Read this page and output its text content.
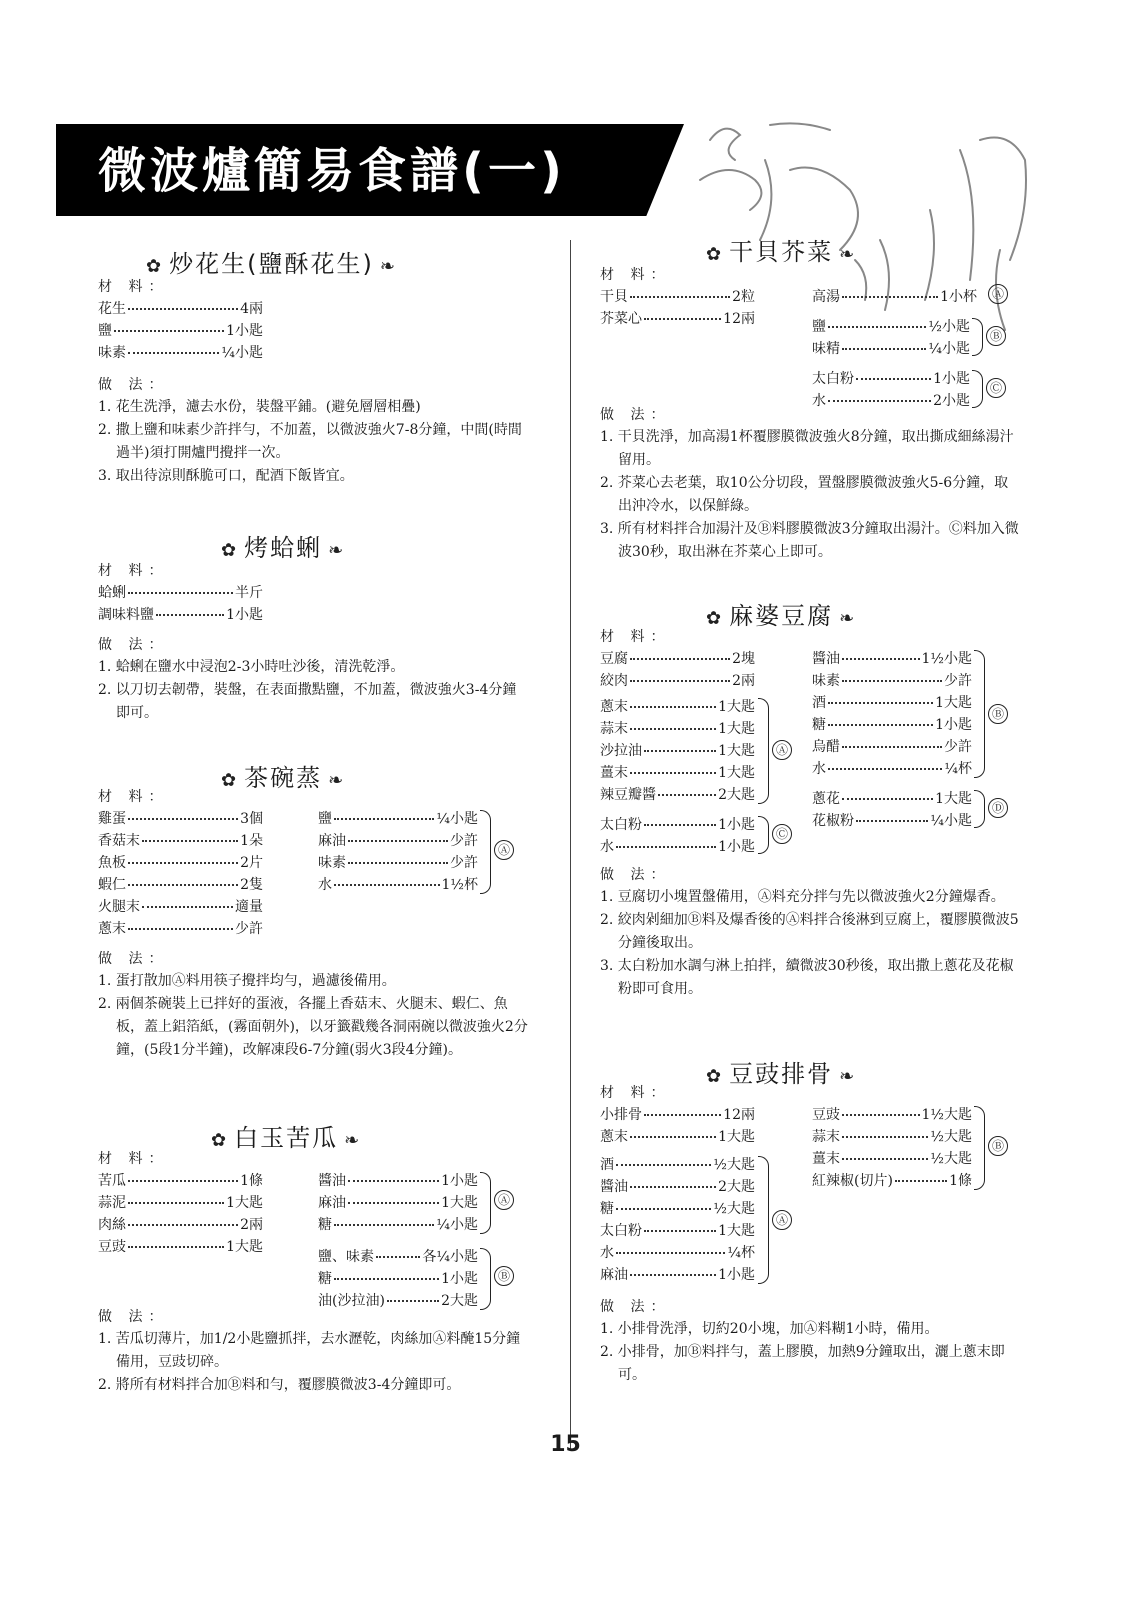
微波爐簡易食譜(一)
✿ 炒花生(鹽酥花生) ❧
材 料：
花生	4兩
鹽	1小匙
味素	¼小匙
做 法：
1. 花生洗淨，濾去水份，裝盤平鋪。(避免層層相疊)
2. 撒上鹽和味素少許拌勻，不加蓋，以微波強火7-8分鐘，中間(時間過半)須打開爐門攪拌一次。
3. 取出待涼則酥脆可口，配酒下飯皆宜。
✿ 烤蛤蜊 ❧
材 料：
蛤蜊	半斤
調味料鹽	1小匙
做 法：
1. 蛤蜊在鹽水中浸泡2-3小時吐沙後，清洗乾淨。
2. 以刀切去韌帶，裝盤，在表面撒點鹽，不加蓋，微波強火3-4分鐘即可。
✿ 茶碗蒸 ❧
材 料：
雞蛋	3個
香菇末	1朵
魚板	2片
蝦仁	2隻
火腿末	適量
蔥末	少許
鹽	¼小匙
麻油	少許
味素	少許
水	1½杯
Ⓐ
做 法：
1. 蛋打散加Ⓐ料用筷子攪拌均勻，過濾後備用。
2. 兩個茶碗裝上已拌好的蛋液，各擺上香菇末、火腿末、蝦仁、魚板，蓋上鋁箔紙，(霧面朝外)，以牙籤戳幾各洞兩碗以微波強火2分鐘，(5段1分半鐘)，改解凍段6-7分鐘(弱火3段4分鐘)。
✿ 白玉苦瓜 ❧
材 料：
苦瓜	1條
蒜泥	1大匙
肉絲	2兩
豆豉	1大匙
醬油	1小匙
麻油	1大匙
糖	¼小匙
Ⓐ
鹽、味素	各¼小匙
糖	1小匙
油(沙拉油)	2大匙
Ⓑ
做 法：
1. 苦瓜切薄片，加1/2小匙鹽抓拌，去水瀝乾，肉絲加Ⓐ料醃15分鐘備用，豆豉切碎。
2. 將所有材料拌合加Ⓑ料和勻，覆膠膜微波3-4分鐘即可。
✿ 干貝芥菜 ❧
材 料：
干貝	2粒
芥菜心	12兩
高湯	1小杯	Ⓐ
鹽	½小匙
味精	¼小匙
Ⓑ
太白粉	1小匙
水	2小匙
Ⓒ
做 法：
1. 干貝洗淨，加高湯1杯覆膠膜微波強火8分鐘，取出撕成細絲湯汁留用。
2. 芥菜心去老葉，取10公分切段，置盤膠膜微波強火5-6分鐘，取出沖冷水，以保鮮綠。
3. 所有材料拌合加湯汁及Ⓑ料膠膜微波3分鐘取出湯汁。Ⓒ料加入微波30秒，取出淋在芥菜心上即可。
✿ 麻婆豆腐 ❧
材 料：
豆腐	2塊
絞肉	2兩
蔥末	1大匙
蒜末	1大匙
沙拉油	1大匙
薑末	1大匙
辣豆瓣醬	2大匙
Ⓐ
太白粉	1小匙
水	1小匙
Ⓒ
醬油	1½小匙
味素	少許
酒	1大匙
糖	1小匙
烏醋	少許
水	¼杯
Ⓑ
蔥花	1大匙
花椒粉	¼小匙
Ⓓ
做 法：
1. 豆腐切小塊置盤備用，Ⓐ料充分拌勻先以微波強火2分鐘爆香。
2. 絞肉剁細加Ⓑ料及爆香後的Ⓐ料拌合後淋到豆腐上，覆膠膜微波5分鐘後取出。
3. 太白粉加水調勻淋上拍拌，續微波30秒後，取出撒上蔥花及花椒粉即可食用。
✿ 豆豉排骨 ❧
材 料：
小排骨	12兩
蔥末	1大匙
酒	½大匙
醬油	2大匙
糖	½大匙
太白粉	1大匙
水	¼杯
麻油	1小匙
Ⓐ
豆豉	1½大匙
蒜末	½大匙
薑末	½大匙
紅辣椒(切片)	1條
Ⓑ
做 法：
1. 小排骨洗淨，切約20小塊，加Ⓐ料糊1小時，備用。
2. 小排骨，加Ⓑ料拌勻，蓋上膠膜，加熱9分鐘取出，灑上蔥末即可。
15
